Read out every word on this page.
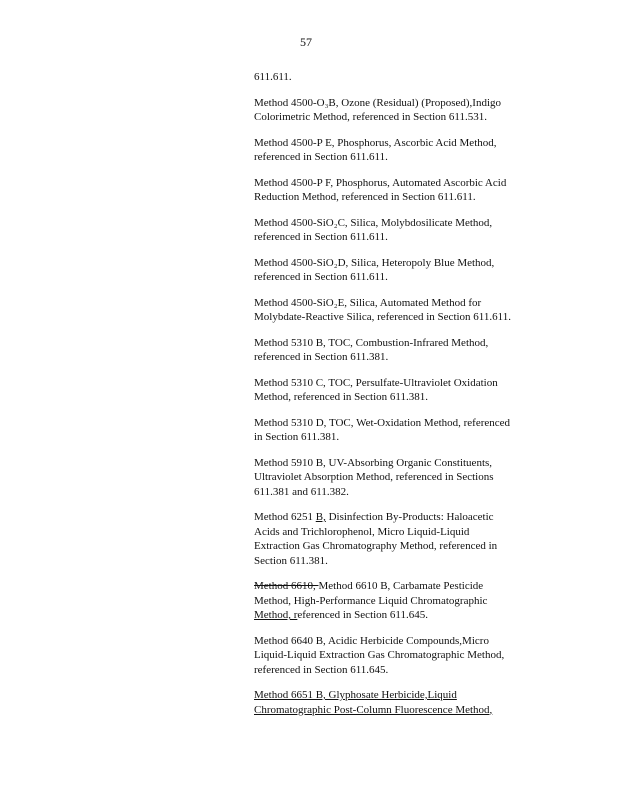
57

611.611.

Method 4500-O₃B, Ozone (Residual) (Proposed),Indigo
Colorimetric Method, referenced in Section 611.531.

Method 4500-P E, Phosphorus, Ascorbic Acid Method,
referenced in Section 611.611.

Method 4500-P F, Phosphorus, Automated Ascorbic Acid
Reduction Method, referenced in Section 611.611.

Method 4500-SiO₂C, Silica, Molybdosilicate Method,
referenced in Section 611.611.

Method 4500-SiO₂D, Silica, Heteropoly Blue Method,
referenced in Section 611.611.

Method 4500-SiO₂E, Silica, Automated Method for
Molybdate-Reactive Silica, referenced in Section 611.611.

Method 5310 B, TOC, Combustion-Infrared Method,
referenced in Section 611.381.

Method 5310 C, TOC, Persulfate-Ultraviolet Oxidation
Method, referenced in Section 611.381.

Method 5310 D, TOC, Wet-Oxidation Method, referenced
in Section 611.381.

Method 5910 B, UV-Absorbing Organic Constituents,
Ultraviolet Absorption Method, referenced in Sections
611.381 and 611.382.

Method 6251 B, Disinfection By-Products: Haloacetic
Acids and Trichlorophenol, Micro Liquid-Liquid
Extraction Gas Chromatography Method, referenced in
Section 611.381.

Method 6610, Method 6610 B, Carbamate Pesticide
Method, High-Performance Liquid Chromatographic
Method, referenced in Section 611.645.

Method 6640 B, Acidic Herbicide Compounds,Micro
Liquid-Liquid Extraction Gas Chromatographic Method,
referenced in Section 611.645.

Method 6651 B, Glyphosate Herbicide,Liquid
Chromatographic Post-Column Fluorescence Method,
